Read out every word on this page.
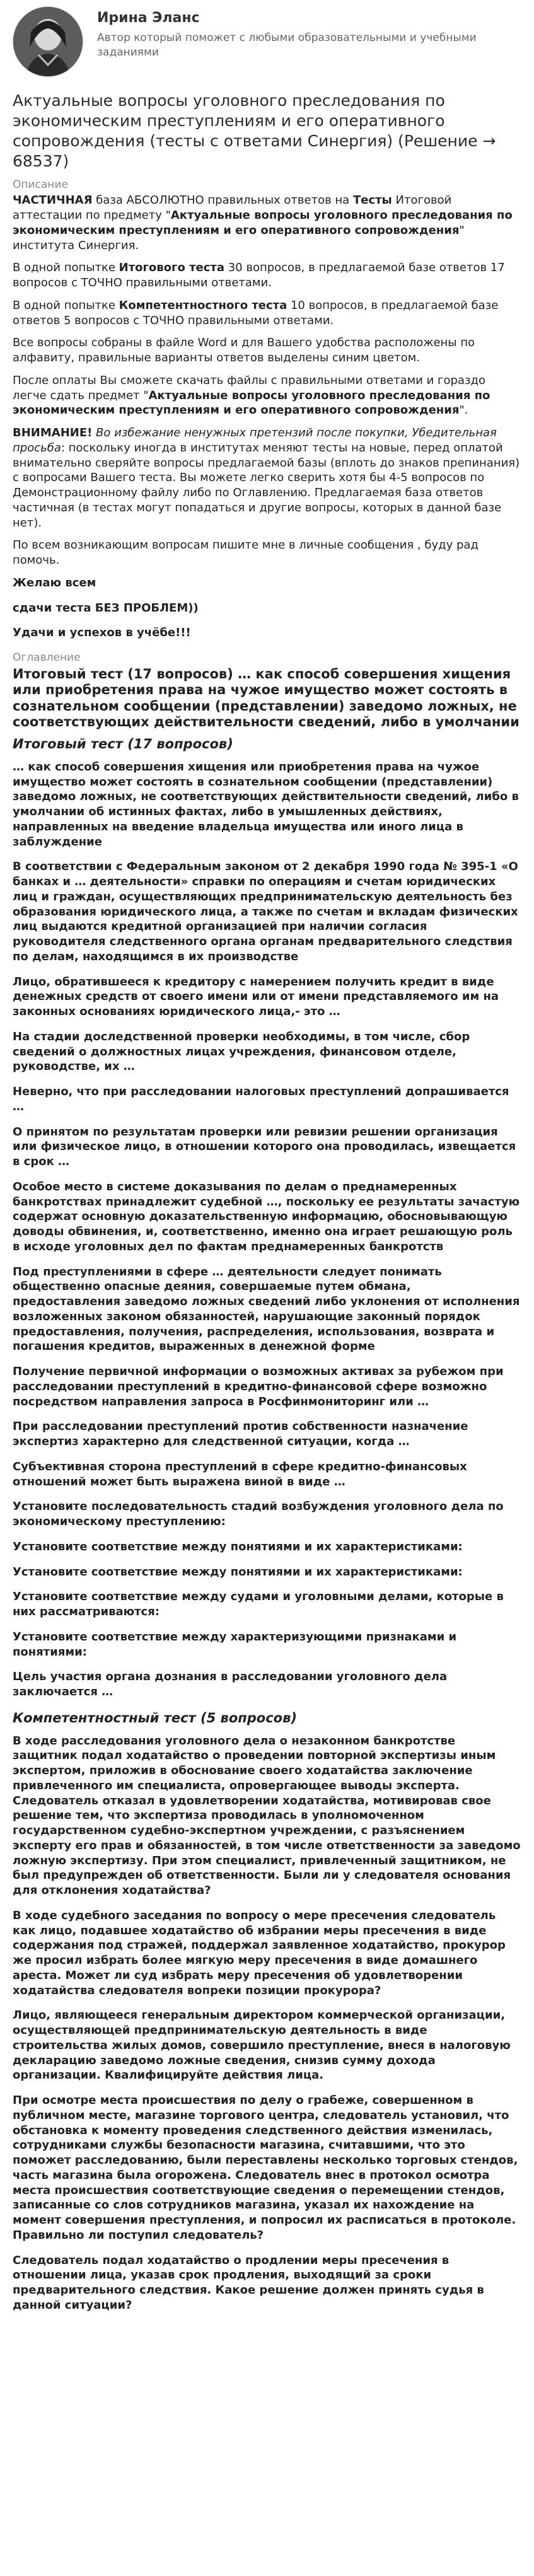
Ирина Эланс
Автор который поможет с любыми образовательными и учебными заданиями
Актуальные вопросы уголовного преследования по экономическим преступлениям и его оперативного сопровождения (тесты с ответами Синергия) (Решение → 68537)
Описание

ЧАСТИЧНАЯ база АБСОЛЮТНО правильных ответов на Тесты Итоговой аттестации по предмету "Актуальные вопросы уголовного преследования по экономическим преступлениям и его оперативного сопровождения" института Синергия.

В одной попытке Итогового теста 30 вопросов, в предлагаемой базе ответов 17 вопросов с ТОЧНО правильными ответами.

В одной попытке Компетентностного теста 10 вопросов, в предлагаемой базе ответов 5 вопросов с ТОЧНО правильными ответами.

Все вопросы собраны в файле Word и для Вашего удобства расположены по алфавиту, правильные варианты ответов выделены синим цветом.

После оплаты Вы сможете скачать файлы с правильными ответами и гораздо легче сдать предмет "Актуальные вопросы уголовного преследования по экономическим преступлениям и его оперативного сопровождения".

ВНИМАНИЕ! Во избежание ненужных претензий после покупки, Убедительная просьба: поскольку иногда в институтах меняют тесты на новые, перед оплатой внимательно сверяйте вопросы предлагаемой базы (вплоть до знаков препинания) с вопросами Вашего теста. Вы можете легко сверить хотя бы 4-5 вопросов по Демонстрационному файлу либо по Оглавлению. Предлагаемая база ответов частичная (в тестах могут попадаться и другие вопросы, которых в данной базе нет).

По всем возникающим вопросам пишите мне в личные сообщения , буду рад помочь.

Желаю всем

сдачи теста БЕЗ ПРОБЛЕМ))

Удачи и успехов в учёбе!!!

Оглавление
Итоговый тест (17 вопросов) … как способ совершения хищения или приобретения права на чужое имущество может состоять в сознательном сообщении (представлении) заведомо ложных, не соответствующих действительности сведений, либо в умолчании
Итоговый тест (17 вопросов)

… как способ совершения хищения или приобретения права на чужое имущество может состоять в сознательном сообщении (представлении) заведомо ложных, не соответствующих действительности сведений, либо в умолчании об истинных фактах, либо в умышленных действиях, направленных на введение владельца имущества или иного лица в заблуждение

В соответствии с Федеральным законом от 2 декабря 1990 года № 395-1 «О банках и … деятельности» справки по операциям и счетам юридических лиц и граждан, осуществляющих предпринимательскую деятельность без образования юридического лица, а также по счетам и вкладам физических лиц выдаются кредитной организацией при наличии согласия руководителя следственного органа органам предварительного следствия по делам, находящимся в их производстве

Лицо, обратившееся к кредитору с намерением получить кредит в виде денежных средств от своего имени или от имени представляемого им на законных основаниях юридического лица,- это …

На стадии доследственной проверки необходимы, в том числе, сбор сведений о должностных лицах учреждения, финансовом отделе, руководстве, их …

Неверно, что при расследовании налоговых преступлений допрашивается …

О принятом по результатам проверки или ревизии решении организация или физическое лицо, в отношении которого она проводилась, извещается в срок …

Особое место в системе доказывания по делам о преднамеренных банкротствах принадлежит судебной …, поскольку ее результаты зачастую содержат основную доказательственную информацию, обосновывающую доводы обвинения, и, соответственно, именно она играет решающую роль в исходе уголовных дел по фактам преднамеренных банкротств

Под преступлениями в сфере … деятельности следует понимать общественно опасные деяния, совершаемые путем обмана, предоставления заведомо ложных сведений либо уклонения от исполнения возложенных законом обязанностей, нарушающие законный порядок предоставления, получения, распределения, использования, возврата и погашения кредитов, выраженных в денежной форме

Получение первичной информации о возможных активах за рубежом при расследовании преступлений в кредитно-финансовой сфере возможно посредством направления запроса в Росфинмониторинг или …

При расследовании преступлений против собственности назначение экспертиз характерно для следственной ситуации, когда …

Субъективная сторона преступлений в сфере кредитно-финансовых отношений может быть выражена виной в виде …

Установите последовательность стадий возбуждения уголовного дела по экономическому преступлению:

Установите соответствие между понятиями и их характеристиками:

Установите соответствие между понятиями и их характеристиками:

Установите соответствие между судами и уголовными делами, которые в них рассматриваются:

Установите соответствие между характеризующими признаками и понятиями:

Цель участия органа дознания в расследовании уголовного дела заключается …

Компетентностный тест (5 вопросов)

В ходе расследования уголовного дела о незаконном банкротстве защитник подал ходатайство о проведении повторной экспертизы иным экспертом, приложив в обоснование своего ходатайства заключение привлеченного им специалиста, опровергающее выводы эксперта. Следователь отказал в удовлетворении ходатайства, мотивировав свое решение тем, что экспертиза проводилась в уполномоченном государственном судебно-экспертном учреждении, с разъяснением эксперту его прав и обязанностей, в том числе ответственности за заведомо ложную экспертизу. При этом специалист, привлеченный защитником, не был предупрежден об ответственности. Были ли у следователя основания для отклонения ходатайства?

В ходе судебного заседания по вопросу о мере пресечения следователь как лицо, подавшее ходатайство об избрании меры пресечения в виде содержания под стражей, поддержал заявленное ходатайство, прокурор же просил избрать более мягкую меру пресечения в виде домашнего ареста. Может ли суд избрать меру пресечения об удовлетворении ходатайства следователя вопреки позиции прокурора?

Лицо, являющееся генеральным директором коммерческой организации, осуществляющей предпринимательскую деятельность в виде строительства жилых домов, совершило преступление, внеся в налоговую декларацию заведомо ложные сведения, снизив сумму дохода организации. Квалифицируйте действия лица.

При осмотре места происшествия по делу о грабеже, совершенном в публичном месте, магазине торгового центра, следователь установил, что обстановка к моменту проведения следственного действия изменилась, сотрудниками службы безопасности магазина, считавшими, что это поможет расследованию, были переставлены несколько торговых стендов, часть магазина была огорожена. Следователь внес в протокол осмотра места происшествия соответствующие сведения о перемещении стендов, записанные со слов сотрудников магазина, указал их нахождение на момент совершения преступления, и попросил их расписаться в протоколе. Правильно ли поступил следователь?

Следователь подал ходатайство о продлении меры пресечения в отношении лица, указав срок продления, выходящий за сроки предварительного следствия. Какое решение должен принять судья в данной ситуации?
